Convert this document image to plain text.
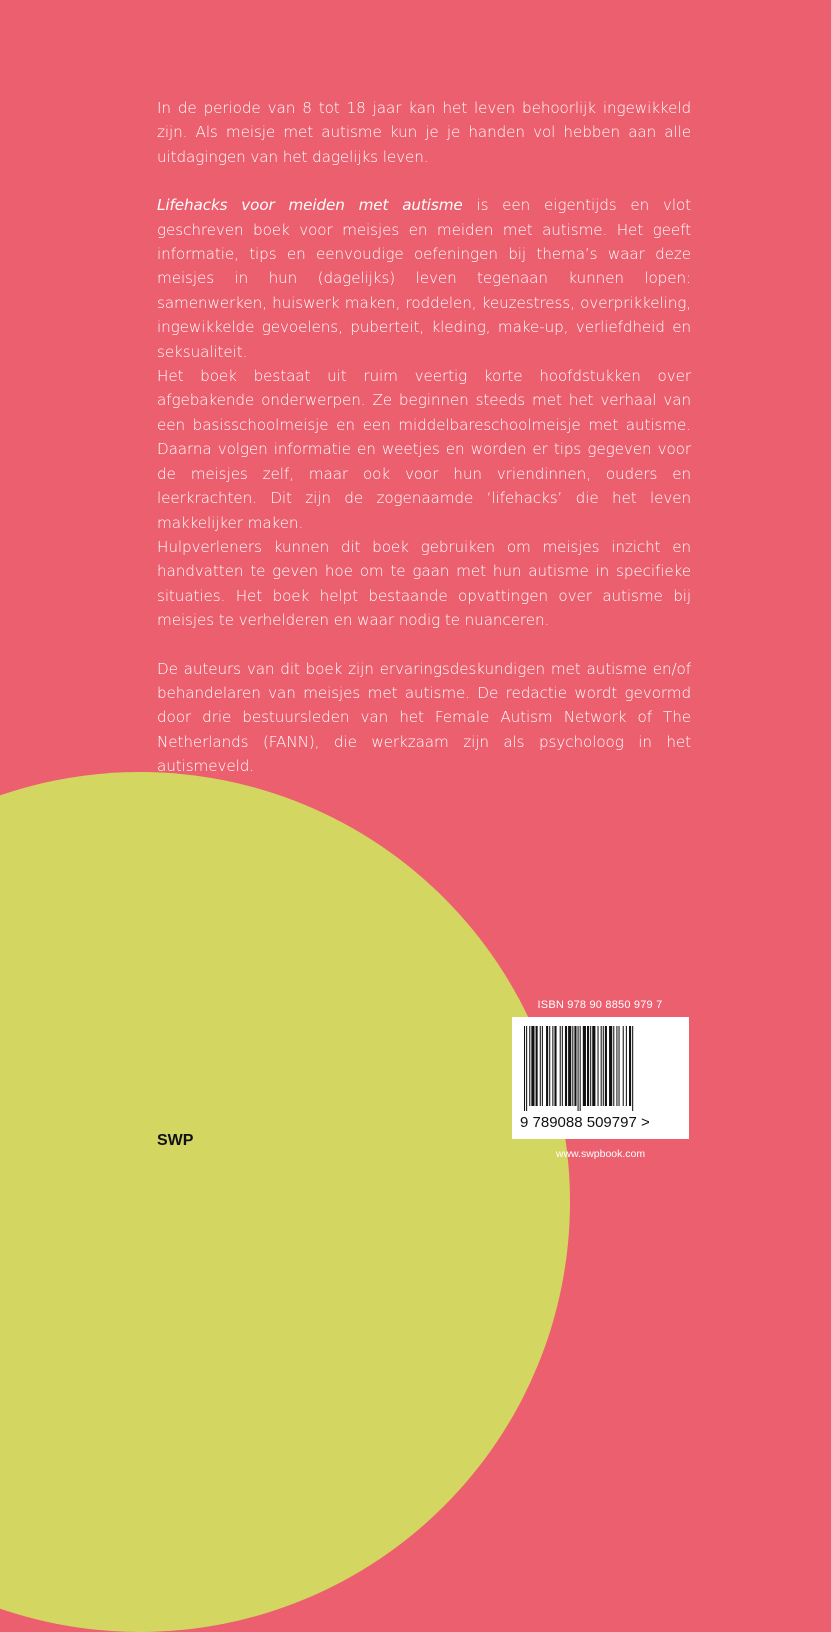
In de periode van 8 tot 18 jaar kan het leven behoorlijk ingewikkeld zijn. Als meisje met autisme kun je je handen vol hebben aan alle uitdagingen van het dagelijks leven.

Lifehacks voor meiden met autisme is een eigentijds en vlot geschreven boek voor meisjes en meiden met autisme. Het geeft informatie, tips en eenvoudige oefeningen bij thema’s waar deze meisjes in hun (dagelijks) leven tegenaan kunnen lopen: samenwerken, huiswerk maken, roddelen, keuzestress, overprikkeling, ingewikkelde gevoelens, puberteit, kleding, make-up, verliefdheid en seksualiteit.

Het boek bestaat uit ruim veertig korte hoofdstukken over afgebakende onderwerpen. Ze beginnen steeds met het verhaal van een basisschoolmeisje en een middelbareschoolmeisje met autisme. Daarna volgen informatie en weetjes en worden er tips gegeven voor de meisjes zelf, maar ook voor hun vriendinnen, ouders en leerkrachten. Dit zijn de zogenaamde ‘lifehacks’ die het leven makkelijker maken.

Hulpverleners kunnen dit boek gebruiken om meisjes inzicht en handvatten te geven hoe om te gaan met hun autisme in specifieke situaties. Het boek helpt bestaande opvattingen over autisme bij meisjes te verhelderen en waar nodig te nuanceren.

De auteurs van dit boek zijn ervaringsdeskundigen met autisme en/of behandelaren van meisjes met autisme. De redactie wordt gevormd door drie bestuursleden van het Female Autism Network of The Netherlands (FANN), die werkzaam zijn als psycholoog in het autismeveld.

ISBN 978 90 8850 979 7
9 789088 509797 >
www.swpbook.com
SWP
